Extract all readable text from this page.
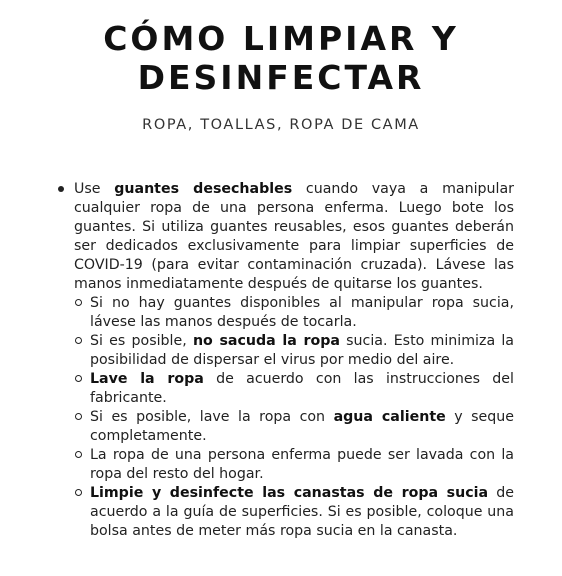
CÓMO LIMPIAR Y
DESINFECTAR
ROPA, TOALLAS, ROPA DE CAMA
Use guantes desechables cuando vaya a manipular cualquier ropa de una persona enferma. Luego bote los guantes. Si utiliza guantes reusables, esos guantes deberán ser dedicados exclusivamente para limpiar superficies de COVID-19 (para evitar contaminación cruzada). Lávese las manos inmediatamente después de quitarse los guantes.
Si no hay guantes disponibles al manipular ropa sucia, lávese las manos después de tocarla.
Si es posible, no sacuda la ropa sucia. Esto minimiza la posibilidad de dispersar el virus por medio del aire.
Lave la ropa de acuerdo con las instrucciones del fabricante.
Si es posible, lave la ropa con agua caliente y seque completamente.
La ropa de una persona enferma puede ser lavada con la ropa del resto del hogar.
Limpie y desinfecte las canastas de ropa sucia de acuerdo a la guía de superficies. Si es posible, coloque una bolsa antes de meter más ropa sucia en la canasta.
